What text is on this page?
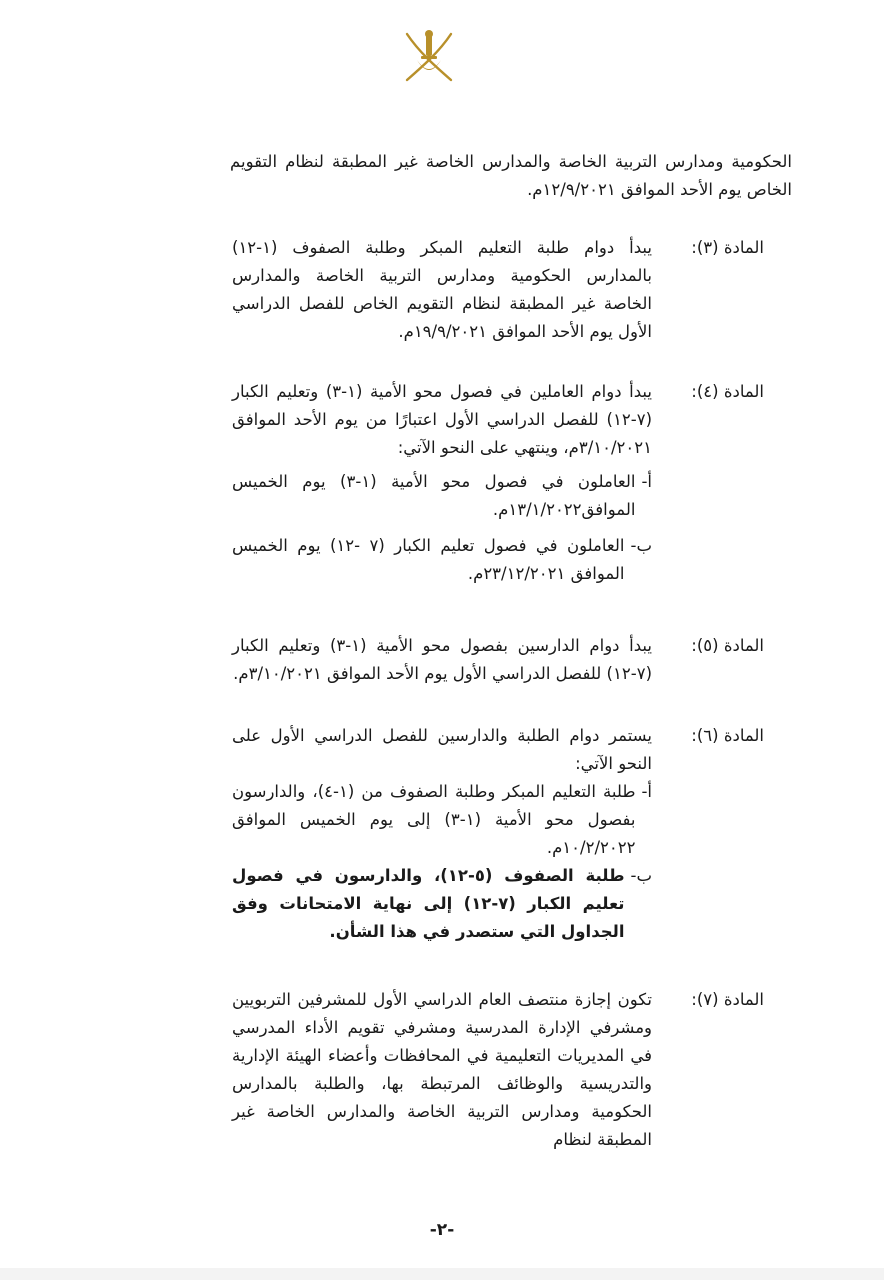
الحكومية ومدارس التربية الخاصة والمدارس الخاصة غير المطبقة لنظام التقويم الخاص يوم الأحد الموافق ١٢/٩/٢٠٢١م.
المادة (٣):
يبدأ دوام طلبة التعليم المبكر وطلبة الصفوف (١-١٢) بالمدارس الحكومية ومدارس التربية الخاصة والمدارس الخاصة غير المطبقة لنظام التقويم الخاص للفصل الدراسي الأول يوم الأحد الموافق ١٩/٩/٢٠٢١م.
المادة (٤):
يبدأ دوام العاملين في فصول محو الأمية (١-٣) وتعليم الكبار (٧-١٢) للفصل الدراسي الأول اعتبارًا من يوم الأحد الموافق ٣/١٠/٢٠٢١م، وينتهي على النحو الآتي:
أ-
العاملون في فصول محو الأمية (١-٣) يوم الخميس الموافق١٣/١/٢٠٢٢م.
ب-
العاملون في فصول تعليم الكبار (٧ -١٢) يوم الخميس الموافق ٢٣/١٢/٢٠٢١م.
المادة (٥):
يبدأ دوام الدارسين بفصول محو الأمية (١-٣) وتعليم الكبار (٧-١٢) للفصل الدراسي الأول يوم الأحد الموافق ٣/١٠/٢٠٢١م.
المادة (٦):
يستمر دوام الطلبة والدارسين للفصل الدراسي الأول على النحو الآتي:
أ-
طلبة التعليم المبكر وطلبة الصفوف من (١-٤)، والدارسون بفصول محو الأمية (١-٣) إلى يوم الخميس الموافق ١٠/٢/٢٠٢٢م.
ب-
طلبة الصفوف (٥-١٢)، والدارسون في فصول تعليم الكبار (٧-١٢) إلى نهاية الامتحانات وفق الجداول التي ستصدر في هذا الشأن.
المادة (٧):
تكون إجازة منتصف العام الدراسي الأول للمشرفين التربويين ومشرفي الإدارة المدرسية ومشرفي تقويم الأداء المدرسي في المديريات التعليمية في المحافظات وأعضاء الهيئة الإدارية والتدريسية والوظائف المرتبطة بها، والطلبة بالمدارس الحكومية ومدارس التربية الخاصة والمدارس الخاصة غير المطبقة لنظام
-٢-
